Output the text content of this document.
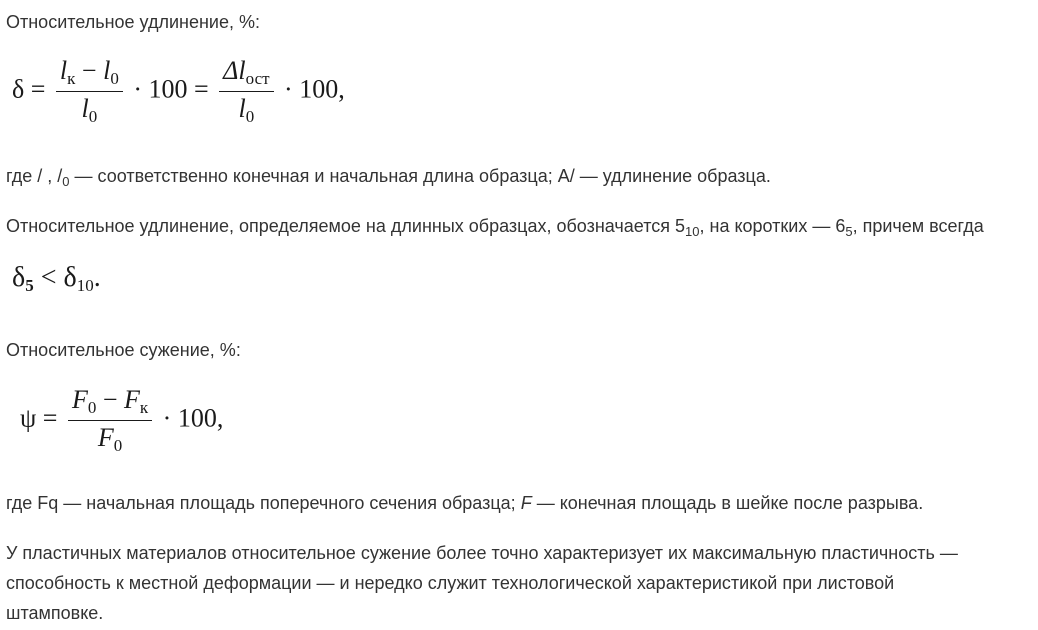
Относительное удлинение, %:
$\delta = \frac{l_к - l_0}{l_0} \cdot 100 = \frac{\Delta l_{ост}}{l_0} \cdot 100$,
где / , $/_0$ — соответственно конечная и начальная длина образца; А/ — удлинение образца.
Относительное удлинение, определяемое на длинных образцах, обозначается $5_{10}$, на коротких — $6_5$, причем всегда
$\delta_5 < \delta_{10}$.
Относительное сужение, %:
$\psi = \frac{F_0 - F_к}{F_0} \cdot 100$,
где Fq — начальная площадь поперечного сечения образца; F — конечная площадь в шейке после разрыва.
У пластичных материалов относительное сужение более точно характеризует их максимальную пластичность —
способность к местной деформации — и нередко служит технологической характеристикой при листовой
штамповке.
